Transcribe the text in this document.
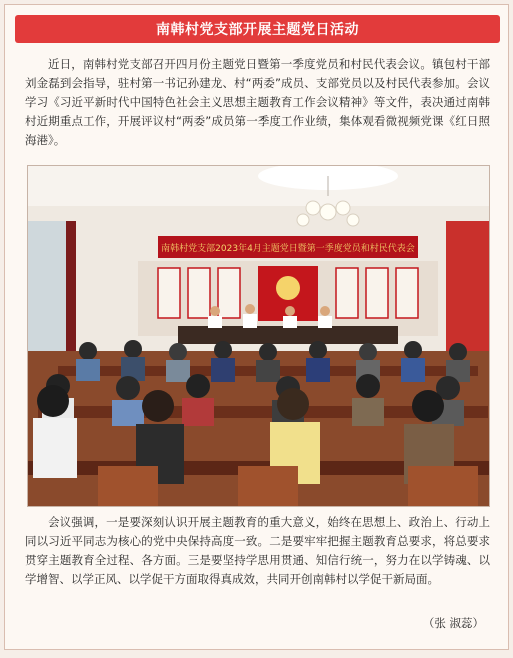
南韩村党支部开展主题党日活动

近日，南韩村党支部召开四月份主题党日暨第一季度党员和村民代表会议。镇包村干部刘金磊到会指导，驻村第一书记孙建龙、村“两委”成员、支部党员以及村民代表参加。会议学习《习近平新时代中国特色社会主义思想主题教育工作会议精神》等文件，表决通过南韩村近期重点工作，开展评议村“两委”成员第一季度工作业绩，集体观看微视频党课《红日照海港》。

南韩村党支部2023年4月主题党日暨第一季度党员和村民代表会

会议强调，一是要深刻认识开展主题教育的重大意义，始终在思想上、政治上、行动上同以习近平同志为核心的党中央保持高度一致。二是要牢牢把握主题教育总要求，将总要求贯穿主题教育全过程、各方面。三是要坚持学思用贯通、知信行统一，努力在以学铸魂、以学增智、以学正风、以学促干方面取得真成效，共同开创南韩村以学促干新局面。

（张 淑蕊）
